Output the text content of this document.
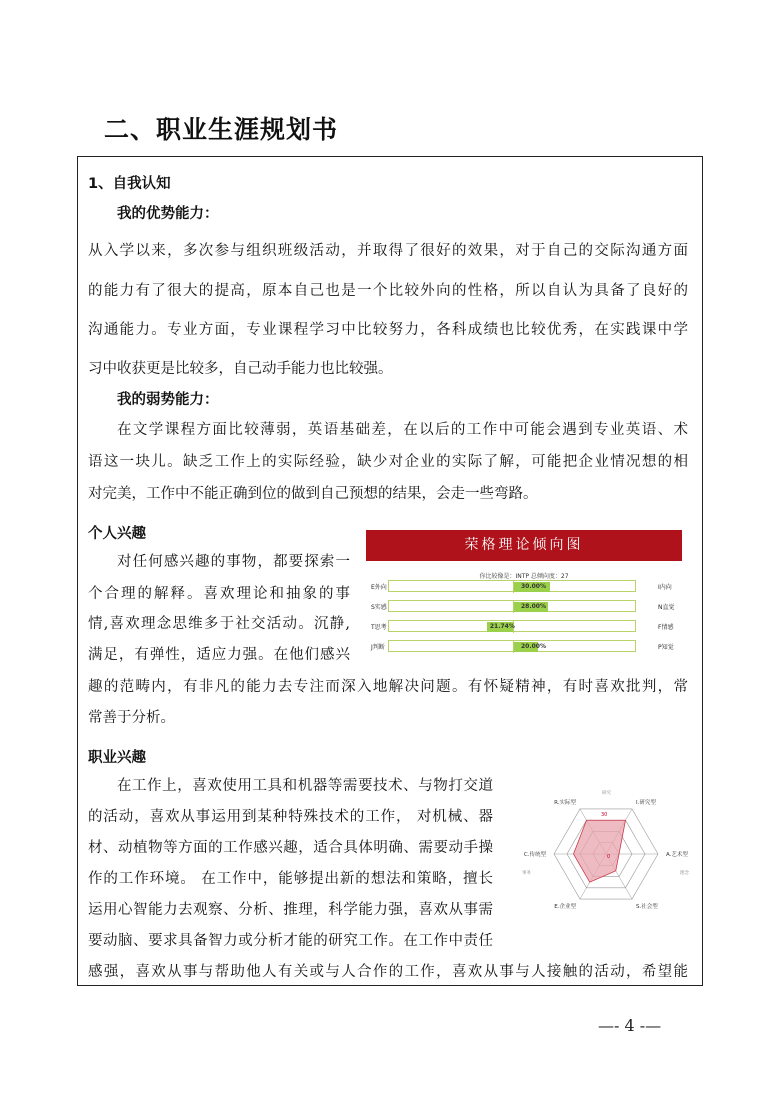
二、职业生涯规划书

1、自我认知

我的优势能力：

从入学以来，多次参与组织班级活动，并取得了很好的效果，对于自己的交际沟通方面

的能力有了很大的提高，原本自己也是一个比较外向的性格，所以自认为具备了良好的

沟通能力。专业方面，专业课程学习中比较努力，各科成绩也比较优秀，在实践课中学

习中收获更是比较多，自己动手能力也比较强。

我的弱势能力：

在文学课程方面比较薄弱，英语基础差，在以后的工作中可能会遇到专业英语、术

语这一块儿。缺乏工作上的实际经验，缺少对企业的实际了解，可能把企业情况想的相

对完美，工作中不能正确到位的做到自己预想的结果，会走一些弯路。

个人兴趣

对任何感兴趣的事物，都要探索一

个合理的解释。喜欢理论和抽象的事

情,喜欢理念思维多于社交活动。沉静,

满足，有弹性，适应力强。在他们感兴

趣的范畴内，有非凡的能力去专注而深入地解决问题。有怀疑精神，有时喜欢批判，常

常善于分析。

荣格理论倾向图
你比较像是：INTP 总倾向度：27
E外向	30.00%	I内向
S实感	28.00%	N直觉
T思考	21.74%	F情感
J判断	20.00%	P知觉

职业兴趣

在工作上，喜欢使用工具和机器等需要技术、与物打交道

的活动，喜欢从事运用到某种特殊技术的工作， 对机械、器

材、动植物等方面的工作感兴趣，适合具体明确、需要动手操

作的工作环境。 在工作中，能够提出新的想法和策略，擅长

运用心智能力去观察、分析、推理，科学能力强，喜欢从事需

要动脑、要求具备智力或分析才能的研究工作。在工作中责任

感强，喜欢从事与帮助他人有关或与人合作的工作，喜欢从事与人接触的活动，希望能

R.实际型	I.研究型
A.艺术型
S.社会型
E.企业型
C.传统型	0
30
研究
事务	理念
—- 4 -—
